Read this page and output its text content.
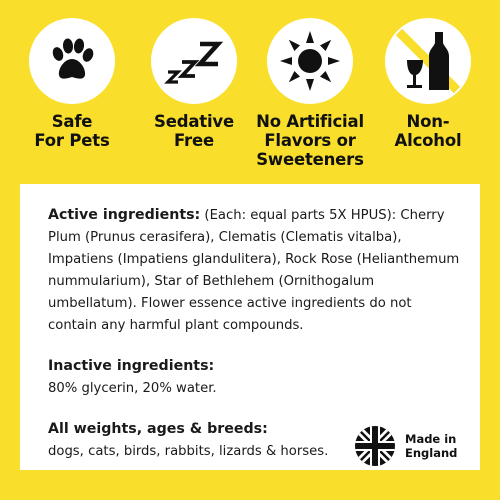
Safe
For Pets
Sedative
Free
No Artificial
Flavors or
Sweeteners
Non-
Alcohol

Active ingredients: (Each: equal parts 5X HPUS): Cherry Plum (Prunus cerasifera), Clematis (Clematis vitalba), Impatiens (Impatiens glandulitera), Rock Rose (Helianthemum nummularium), Star of Bethlehem (Ornithogalum umbellatum). Flower essence active ingredients do not contain any harmful plant compounds.

Inactive ingredients:
80% glycerin, 20% water.

All weights, ages & breeds:
dogs, cats, birds, rabbits, lizards & horses.

Made in
England
